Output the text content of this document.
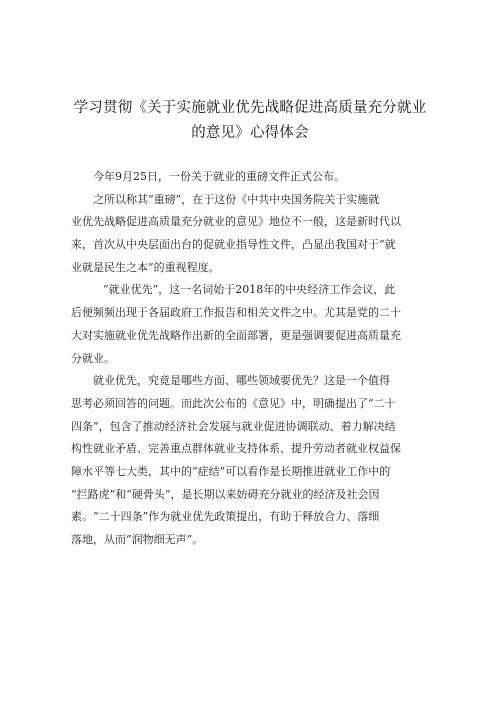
学习贯彻《关于实施就业优先战略促进高质量充分就业
的意见》心得体会
今年9月25日，一份关于就业的重磅文件正式公布。
之所以称其“重磅”，在于这份《中共中央国务院关于实施就
业优先战略促进高质量充分就业的意见》地位不一般，这是新时代以
来，首次从中央层面出台的促就业指导性文件，凸显出我国对于“就
业就是民生之本”的重视程度。
“就业优先”，这一名词始于2018年的中央经济工作会议，此
后便频频出现于各届政府工作报告和相关文件之中。尤其是党的二十
大对实施就业优先战略作出新的全面部署，更是强调要促进高质量充
分就业。
就业优先，究竟是哪些方面、哪些领域要优先？这是一个值得
思考必须回答的问题。而此次公布的《意见》中，明确提出了“二十
四条”，包含了推动经济社会发展与就业促进协调联动、着力解决结
构性就业矛盾、完善重点群体就业支持体系、提升劳动者就业权益保
障水平等七大类，其中的“症结”可以看作是长期推进就业工作中的
“拦路虎”和“硬骨头”，是长期以来妨碍充分就业的经济及社会因
素。“二十四条”作为就业优先政策提出，有助于释放合力、落细
落地，从而“润物细无声”。
